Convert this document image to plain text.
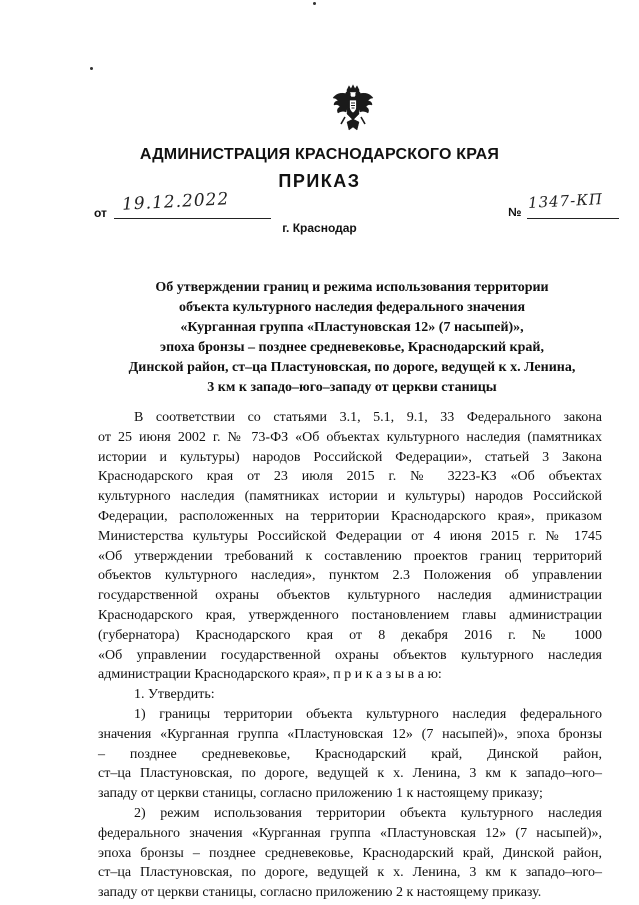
АДМИНИСТРАЦИЯ КРАСНОДАРСКОГО КРАЯ
ПРИКАЗ
от 19.12.2022	№
1347-КП
г. Краснодар
Об утверждении границ и режима использования территории
объекта культурного наследия федерального значения
«Курганная группа «Пластуновская 12» (7 насыпей)»,
эпоха бронзы – позднее средневековье, Краснодарский край,
Динской район, ст–ца Пластуновская, по дороге, ведущей к х. Ленина,
3 км к западо–юго–западу от церкви станицы
В соответствии со статьями 3.1, 5.1, 9.1, 33 Федерального закона
от 25 июня 2002 г. № 73-ФЗ «Об объектах культурного наследия (памятниках
истории и культуры) народов Российской Федерации», статьей 3 Закона
Краснодарского края от 23 июля 2015 г. № 3223-КЗ «Об объектах
культурного наследия (памятниках истории и культуры) народов Российской
Федерации, расположенных на территории Краснодарского края», приказом
Министерства культуры Российской Федерации от 4 июня 2015 г. № 1745
«Об утверждении требований к составлению проектов границ территорий
объектов культурного наследия», пунктом 2.3 Положения об управлении
государственной охраны объектов культурного наследия администрации
Краснодарского края, утвержденного постановлением главы администрации
(губернатора) Краснодарского края от 8 декабря 2016 г. № 1000
«Об управлении государственной охраны объектов культурного наследия
администрации Краснодарского края», п р и к а з ы в а ю:
1. Утвердить:
1) границы территории объекта культурного наследия федерального
значения «Курганная группа «Пластуновская 12» (7 насыпей)», эпоха бронзы
– позднее средневековье, Краснодарский край, Динской район,
ст–ца Пластуновская, по дороге, ведущей к х. Ленина, 3 км к западо–юго–
западу от церкви станицы, согласно приложению 1 к настоящему приказу;
2) режим использования территории объекта культурного наследия
федерального значения «Курганная группа «Пластуновская 12» (7 насыпей)»,
эпоха бронзы – позднее средневековье, Краснодарский край, Динской район,
ст–ца Пластуновская, по дороге, ведущей к х. Ленина, 3 км к западо–юго–
западу от церкви станицы, согласно приложению 2 к настоящему приказу.
